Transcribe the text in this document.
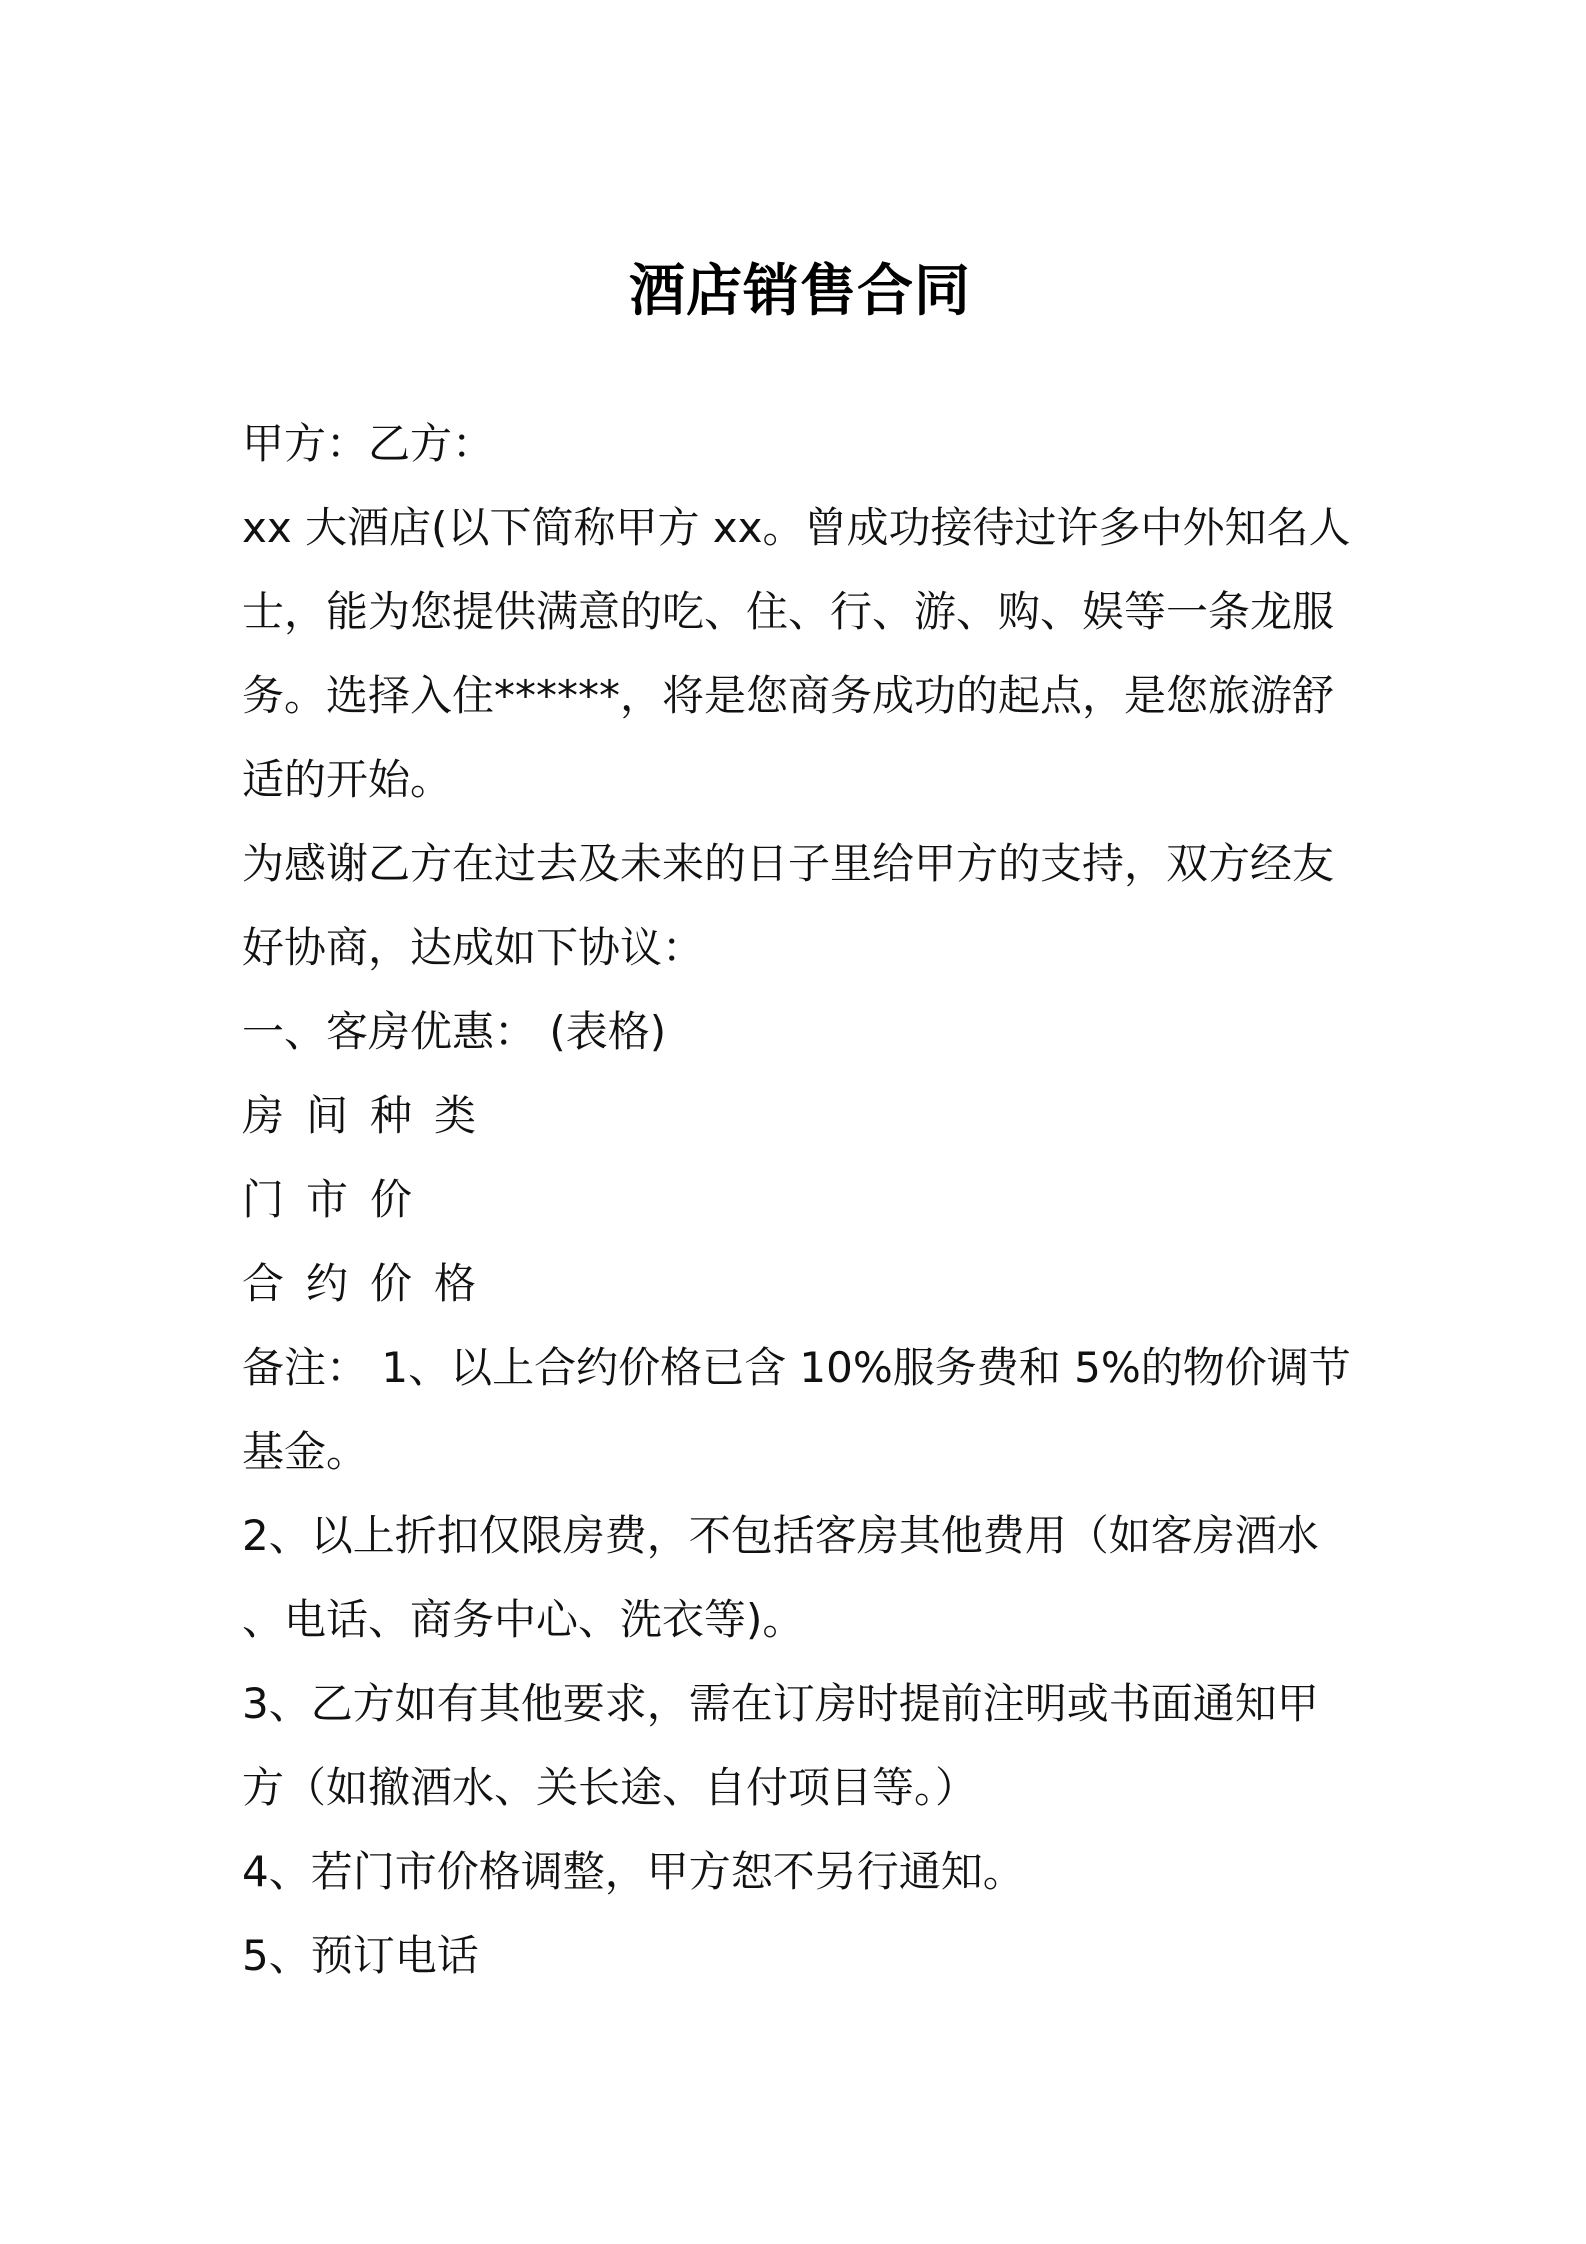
酒店销售合同
甲方：乙方：
xx 大酒店(以下简称甲方 xx。曾成功接待过许多中外知名人
士，能为您提供满意的吃、住、行、游、购、娱等一条龙服
务。选择入住******，将是您商务成功的起点，是您旅游舒
适的开始。
为感谢乙方在过去及未来的日子里给甲方的支持，双方经友
好协商，达成如下协议：
一、客房优惠： (表格)
房间种类
门市价
合约价格
备注： 1、以上合约价格已含 10%服务费和 5%的物价调节
基金。
2、以上折扣仅限房费，不包括客房其他费用（如客房酒水
、电话、商务中心、洗衣等)。
3、乙方如有其他要求，需在订房时提前注明或书面通知甲
方（如撤酒水、关长途、自付项目等。）
4、若门市价格调整，甲方恕不另行通知。
5、预订电话
